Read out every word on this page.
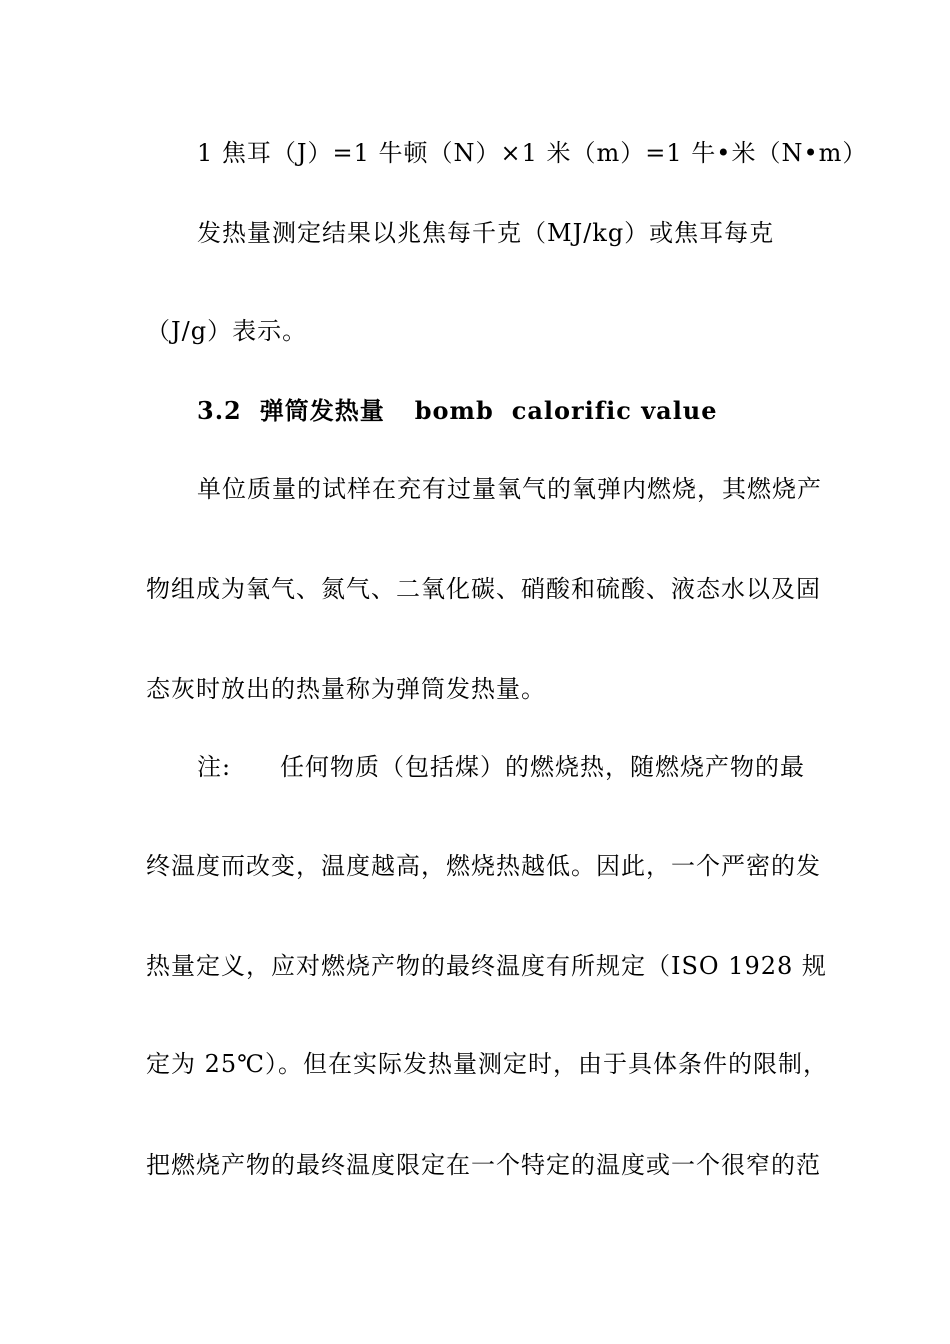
1 焦耳（J）=1 牛顿（N）×1 米（m）=1 牛•米（N•m）
发热量测定结果以兆焦每千克（MJ/kg）或焦耳每克
（J/g）表示。
3.2 弹筒发热量 bomb calorific value
单位质量的试样在充有过量氧气的氧弹内燃烧，其燃烧产
物组成为氧气、氮气、二氧化碳、硝酸和硫酸、液态水以及固
态灰时放出的热量称为弹筒发热量。
注: 任何物质（包括煤）的燃烧热，随燃烧产物的最
终温度而改变，温度越高，燃烧热越低。因此，一个严密的发
热量定义，应对燃烧产物的最终温度有所规定（ISO 1928 规
定为 25℃）。但在实际发热量测定时，由于具体条件的限制，
把燃烧产物的最终温度限定在一个特定的温度或一个很窄的范
